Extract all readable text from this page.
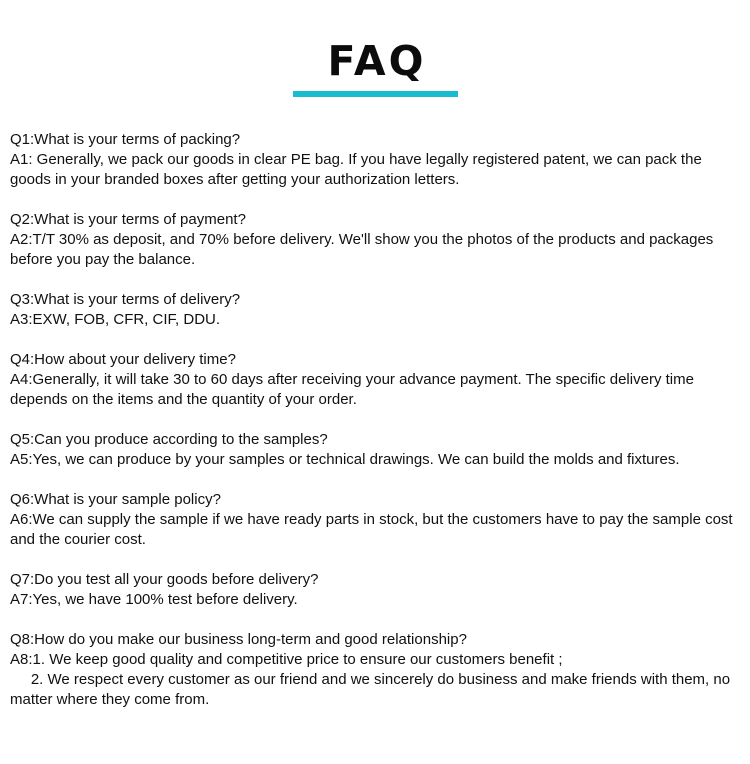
FAQ
Q1:What is your terms of packing?
A1: Generally, we pack our goods in clear PE bag. If you have legally registered patent, we can pack the goods in your branded boxes after getting your authorization letters.
Q2:What is your terms of payment?
A2:T/T 30% as deposit, and 70% before delivery. We'll show you the photos of the products and packages before you pay the balance.
Q3:What is your terms of delivery?
A3:EXW, FOB, CFR, CIF, DDU.
Q4:How about your delivery time?
A4:Generally, it will take 30 to 60 days after receiving your advance payment. The specific delivery time depends on the items and the quantity of your order.
Q5:Can you produce according to the samples?
A5:Yes, we can produce by your samples or technical drawings. We can build the molds and fixtures.
Q6:What is your sample policy?
A6:We can supply the sample if we have ready parts in stock, but the customers have to pay the sample cost and the courier cost.
Q7:Do you test all your goods before delivery?
A7:Yes, we have 100% test before delivery.
Q8:How do you make our business long-term and good relationship?
A8:1. We keep good quality and competitive price to ensure our customers benefit ;
2. We respect every customer as our friend and we sincerely do business and make friends with them, no matter where they come from.
